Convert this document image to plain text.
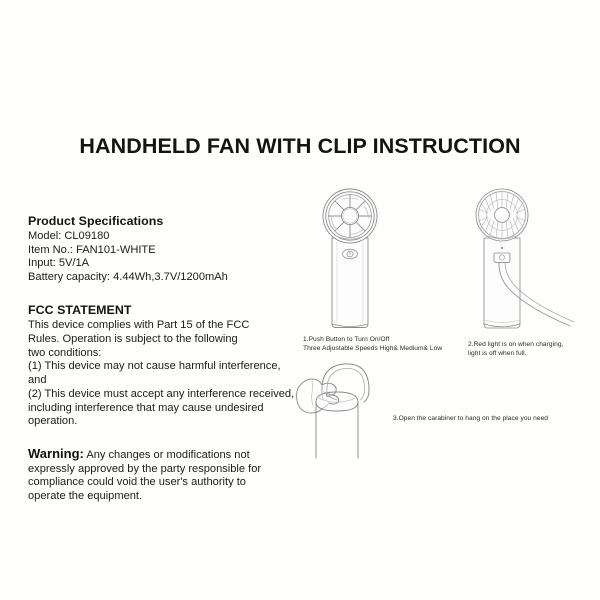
HANDHELD FAN WITH CLIP INSTRUCTION
Product Specifications
Model: CL09180
Item No.: FAN101-WHITE
Input: 5V/1A
Battery capacity: 4.44Wh,3.7V/1200mAh
FCC STATEMENT
This device complies with Part 15 of the FCC
Rules. Operation is subject to the following
two conditions:
(1) This device may not cause harmful interference, and
(2) This device must accept any interference received,
including interference that may cause undesired operation.
Warning: Any changes or modifications not
expressly approved by the party responsible for
compliance could void the user's authority to
operate the equipment.
1.Push Button to Turn On/Off
Three Adjustable Speeds High& Medium& Low
2.Red light is on when charging,
light is off when full.
3.Open the carabiner to hang on the place you need
